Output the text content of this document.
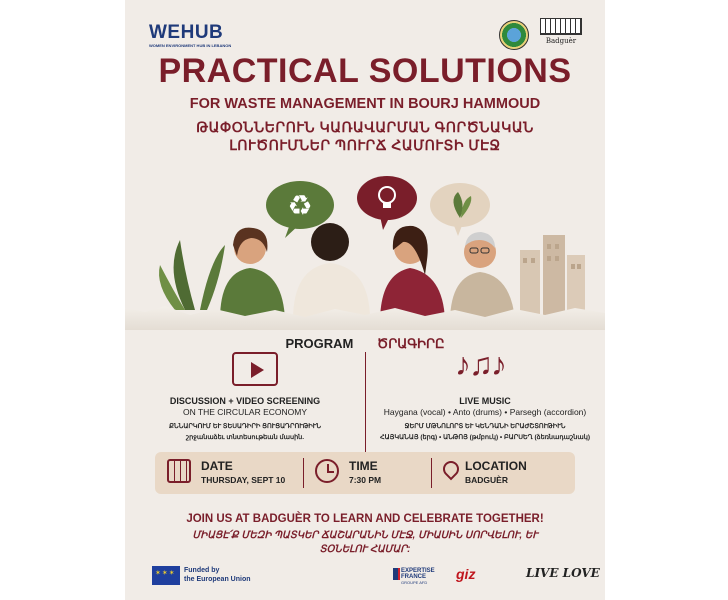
WEHUB
WOMEN ENVIRONMENT HUB IN LEBANON
Badguèr
PRACTICAL SOLUTIONS
FOR WASTE MANAGEMENT IN BOURJ HAMMOUD
ԹԱՓՕՆՆԵՐՈՒՆ ԿԱՌԱՎԱՐՄԱՆ ԳՈՐԾՆԱԿԱՆ
ԼՈՒԾՈՒՄՆԵՐ ՊՈՒՐՃ ՀԱՄՈՒՏԻ ՄԷՋ
♻
PROGRAM ԾՐԱԳԻՐԸ
♪♫♪
DISCUSSION + VIDEO SCREENING
ON THE CIRCULAR ECONOMY
ՔՆՆԱՐԿՈՒՄ ԵՒ ՏԵՍԱԴԻՐԻ ՑՈՒՑԱԴՐՈՒԹԻՒՆ
շրջանաձեւ տնտեսութեան մասին.
LIVE MUSIC
Haygana (vocal) • Anto (drums) • Parsegh (accordion)
ՋԵՐՄ ՄԹՆՈԼՈՐՏ ԵՒ ԿԵՆԴԱՆԻ ԵՐԱԺՇՏՈՒԹԻՒՆ
ՀԱՅԿԱՆԱՅ (երգ) • ԱՆԹՈՅ (թմբուկ) • ԲԱՐՍԵՂ (ձեռնադաշնակ)
DATE
THURSDAY, SEPT 10
TIME
7:30 PM
LOCATION
BADGUÈR
JOIN US AT BADGUÈR TO LEARN AND CELEBRATE TOGETHER!
ՄԻԱՑԷ՛Ք ՄԵԶԻ ՊԱՏԿԵՐ ՃԱՇԱՐԱՆԻՆ ՄԷՋ, ՄԻԱՍԻՆ ՍՈՐՎԵԼՈՒ, ԵՒ ՏՕՆԵԼՈՒ ՀԱՄԱՐ:
✶✶✶
Funded by
the European Union
EXPERTISE
FRANCE
GROUPE AFD
giz	LIVE LOVE
